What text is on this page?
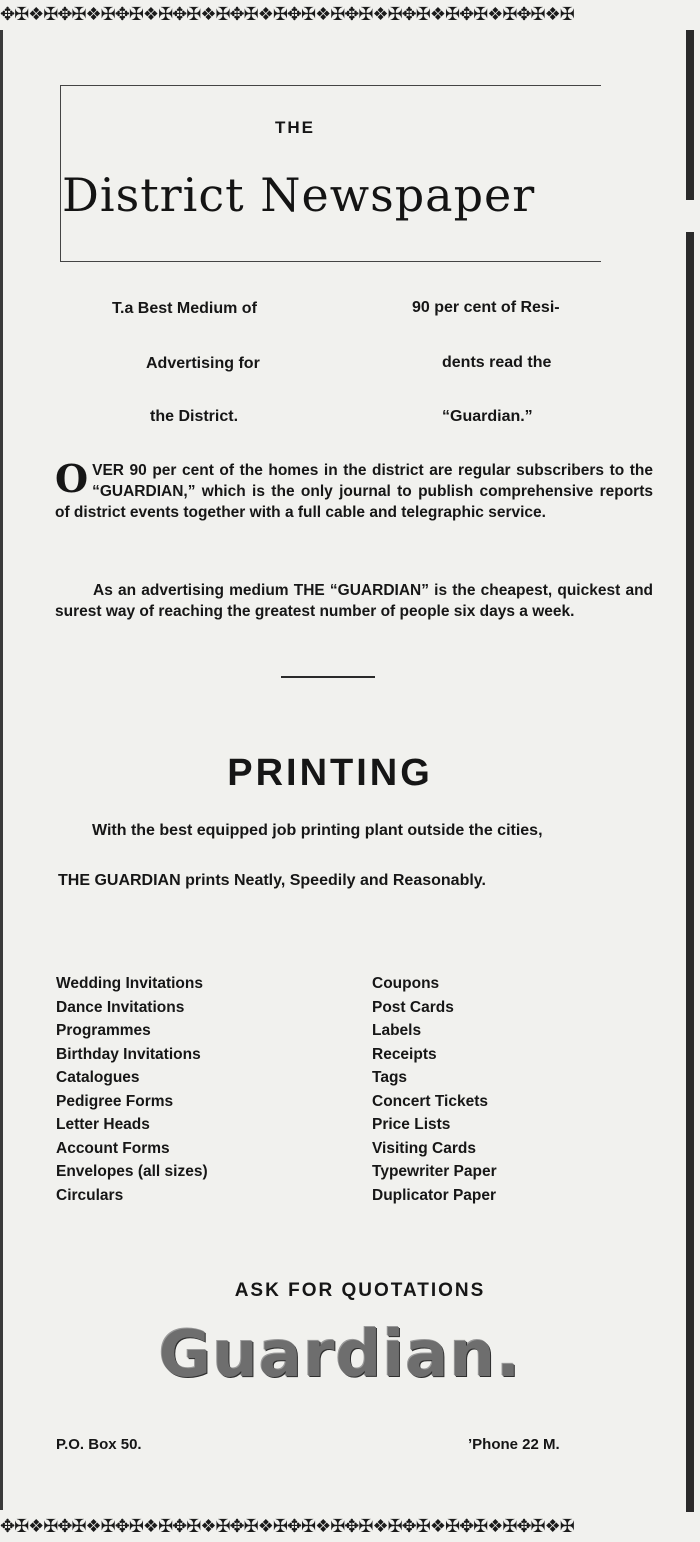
✥✠❖✠✥✠❖✠✥✠❖✠✥✠❖✠✥✠❖✠✥✠❖✠✥✠❖✠✥✠❖✠✥✠❖✠✥✠❖✠
THE
District Newspaper
T.a Best Medium of
Advertising for
the District.
90 per cent of Resi-
dents read the
“Guardian.”
OVER 90 per cent of the homes in the district are regular subscribers to the “GUARDIAN,” which is the only journal to publish comprehensive reports of district events together with a full cable and telegraphic service.
As an advertising medium THE “GUARDIAN” is the cheapest, quickest and surest way of reaching the greatest number of people six days a week.
PRINTING
With the best equipped job printing plant outside the cities,
THE GUARDIAN prints Neatly, Speedily and Reasonably.
Wedding Invitations
Dance Invitations
Programmes
Birthday Invitations
Catalogues
Pedigree Forms
Letter Heads
Account Forms
Envelopes (all sizes)
Circulars
Coupons
Post Cards
Labels
Receipts
Tags
Concert Tickets
Price Lists
Visiting Cards
Typewriter Paper
Duplicator Paper
ASK FOR QUOTATIONS
Guardian.
P.O. Box 50.	’Phone 22 M.
✥✠❖✠✥✠❖✠✥✠❖✠✥✠❖✠✥✠❖✠✥✠❖✠✥✠❖✠✥✠❖✠✥✠❖✠✥✠❖✠
